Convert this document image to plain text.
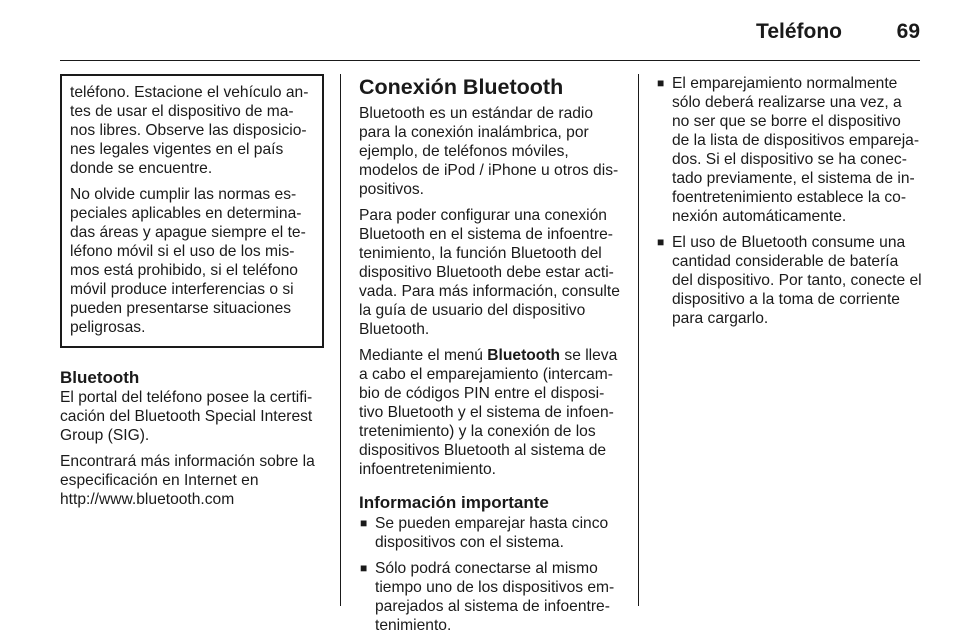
Teléfono	69

teléfono. Estacione el vehículo an-tes de usar el dispositivo de ma-nos libres. Observe las disposicio-nes legales vigentes en el país donde se encuentre.

No olvide cumplir las normas es-peciales aplicables en determina-das áreas y apague siempre el te-léfono móvil si el uso de los mis-mos está prohibido, si el teléfono móvil produce interferencias o si pueden presentarse situaciones peligrosas.

Bluetooth

El portal del teléfono posee la certifi-cación del Bluetooth Special Interest Group (SIG).

Encontrará más información sobre la especificación en Internet en http://www.bluetooth.com

Conexión Bluetooth

Bluetooth es un estándar de radio para la conexión inalámbrica, por ejemplo, de teléfonos móviles, modelos de iPod / iPhone u otros dis-positivos.

Para poder configurar una conexión Bluetooth en el sistema de infoentre-tenimiento, la función Bluetooth del dispositivo Bluetooth debe estar acti-vada. Para más información, consulte la guía de usuario del dispositivo Bluetooth.

Mediante el menú Bluetooth se lleva a cabo el emparejamiento (intercam-bio de códigos PIN entre el disposi-tivo Bluetooth y el sistema de infoen-tretenimiento) y la conexión de los dispositivos Bluetooth al sistema de infoentretenimiento.

Información importante
■ Se pueden emparejar hasta cinco dispositivos con el sistema.
■ Sólo podrá conectarse al mismo tiempo uno de los dispositivos em-parejados al sistema de infoentre-tenimiento.
■ El emparejamiento normalmente sólo deberá realizarse una vez, a no ser que se borre el dispositivo de la lista de dispositivos empareja-dos. Si el dispositivo se ha conec-tado previamente, el sistema de in-foentretenimiento establece la co-nexión automáticamente.
■ El uso de Bluetooth consume una cantidad considerable de batería del dispositivo. Por tanto, conecte el dispositivo a la toma de corriente para cargarlo.
